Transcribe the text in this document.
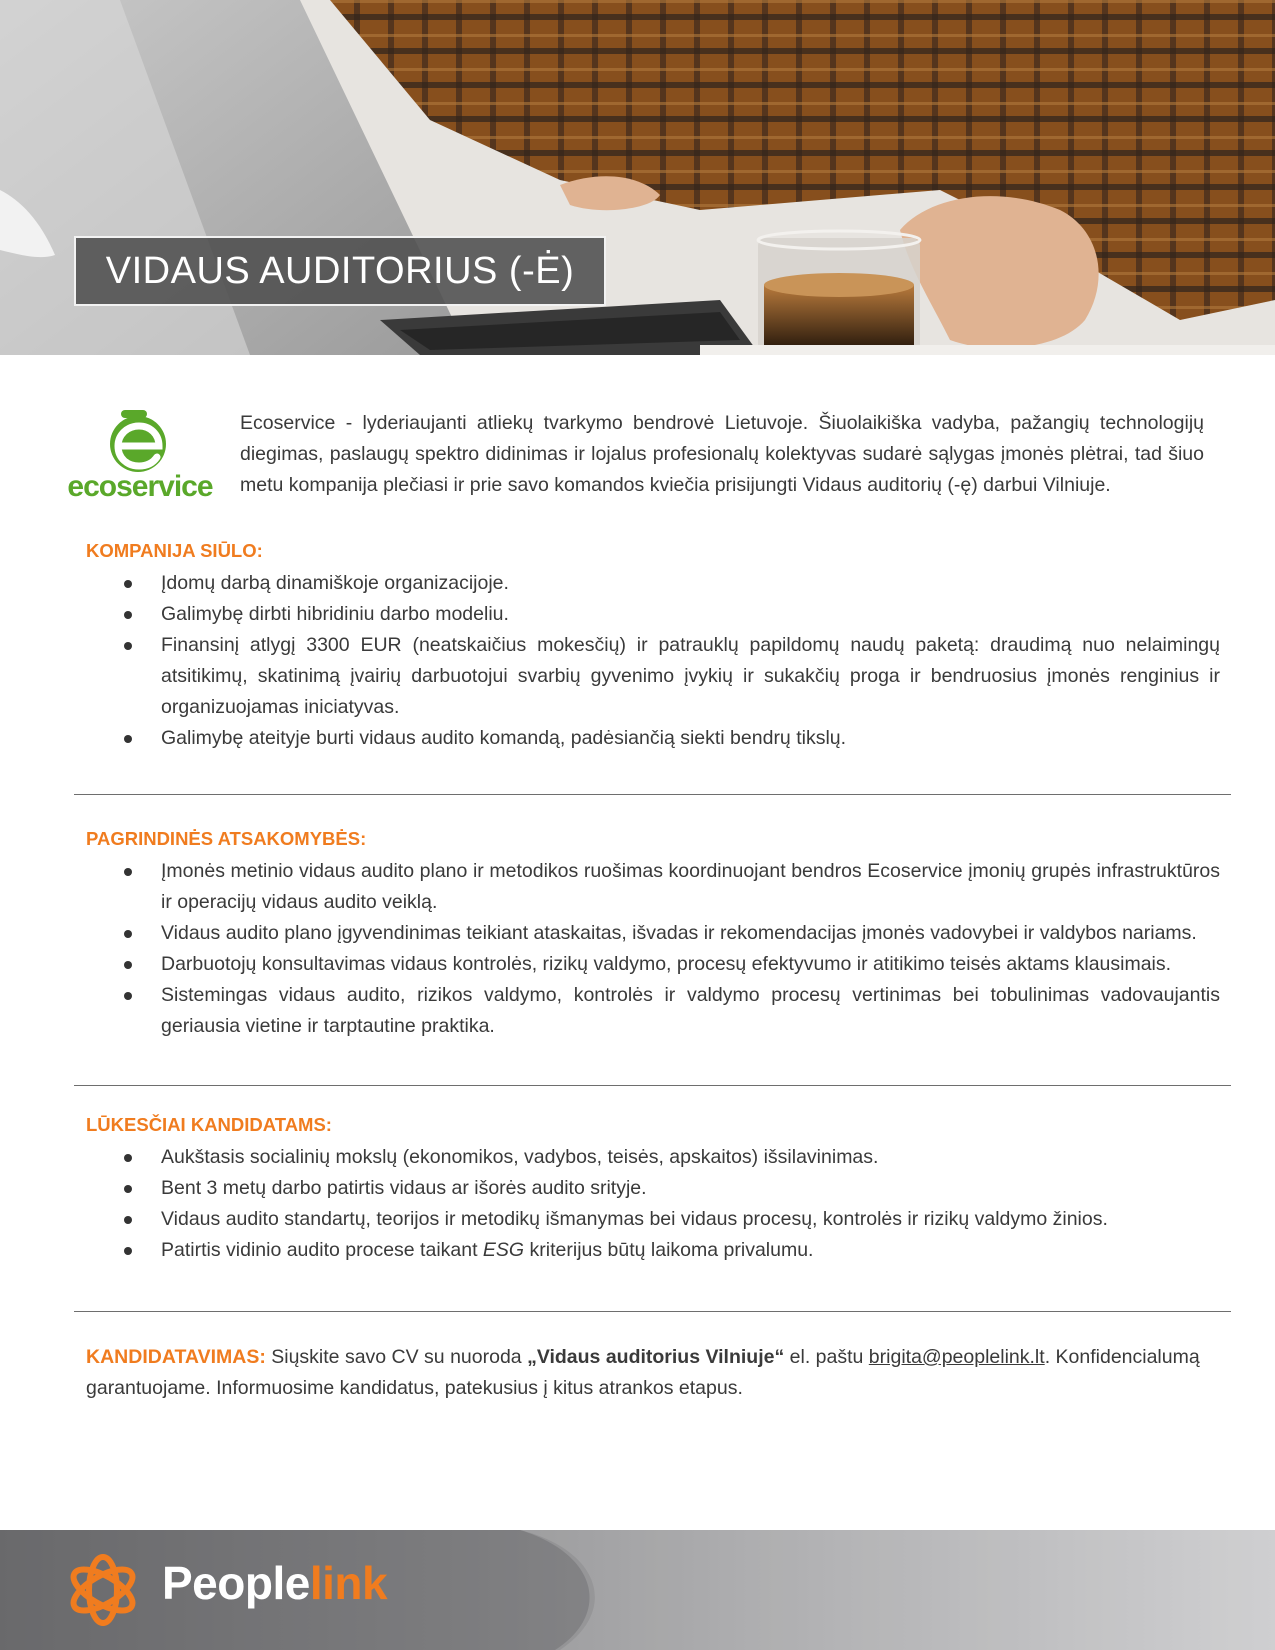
VIDAUS AUDITORIUS (-Ė)
ecoservice

Ecoservice - lyderiaujanti atliekų tvarkymo bendrovė Lietuvoje. Šiuolaikiška vadyba, pažangių technologijų diegimas, paslaugų spektro didinimas ir lojalus profesionalų kolektyvas sudarė sąlygas įmonės plėtrai, tad šiuo metu kompanija plečiasi ir prie savo komandos kviečia prisijungti Vidaus auditorių (-ę) darbui Vilniuje.

KOMPANIJA SIŪLO:

Įdomų darbą dinamiškoje organizacijoje.
Galimybę dirbti hibridiniu darbo modeliu.
Finansinį atlygį 3300 EUR (neatskaičius mokesčių) ir patrauklų papildomų naudų paketą: draudimą nuo nelaimingų atsitikimų, skatinimą įvairių darbuotojui svarbių gyvenimo įvykių ir sukakčių proga ir bendruosius įmonės renginius ir organizuojamas iniciatyvas.
Galimybę ateityje burti vidaus audito komandą, padėsiančią siekti bendrų tikslų.

PAGRINDINĖS ATSAKOMYBĖS:

Įmonės metinio vidaus audito plano ir metodikos ruošimas koordinuojant bendros Ecoservice įmonių grupės infrastruktūros ir operacijų vidaus audito veiklą.
Vidaus audito plano įgyvendinimas teikiant ataskaitas, išvadas ir rekomendacijas įmonės vadovybei ir valdybos nariams.
Darbuotojų konsultavimas vidaus kontrolės, rizikų valdymo, procesų efektyvumo ir atitikimo teisės aktams klausimais.
Sistemingas vidaus audito, rizikos valdymo, kontrolės ir valdymo procesų vertinimas bei tobulinimas vadovaujantis geriausia vietine ir tarptautine praktika.

LŪKESČIAI KANDIDATAMS:

Aukštasis socialinių mokslų (ekonomikos, vadybos, teisės, apskaitos) išsilavinimas.
Bent 3 metų darbo patirtis vidaus ar išorės audito srityje.
Vidaus audito standartų, teorijos ir metodikų išmanymas bei vidaus procesų, kontrolės ir rizikų valdymo žinios.
Patirtis vidinio audito procese taikant ESG kriterijus būtų laikoma privalumu.

KANDIDATAVIMAS: Siųskite savo CV su nuoroda „Vidaus auditorius Vilniuje“ el. paštu brigita@peoplelink.lt. Konfidencialumą garantuojame. Informuosime kandidatus, patekusius į kitus atrankos etapus.

Peoplelink
